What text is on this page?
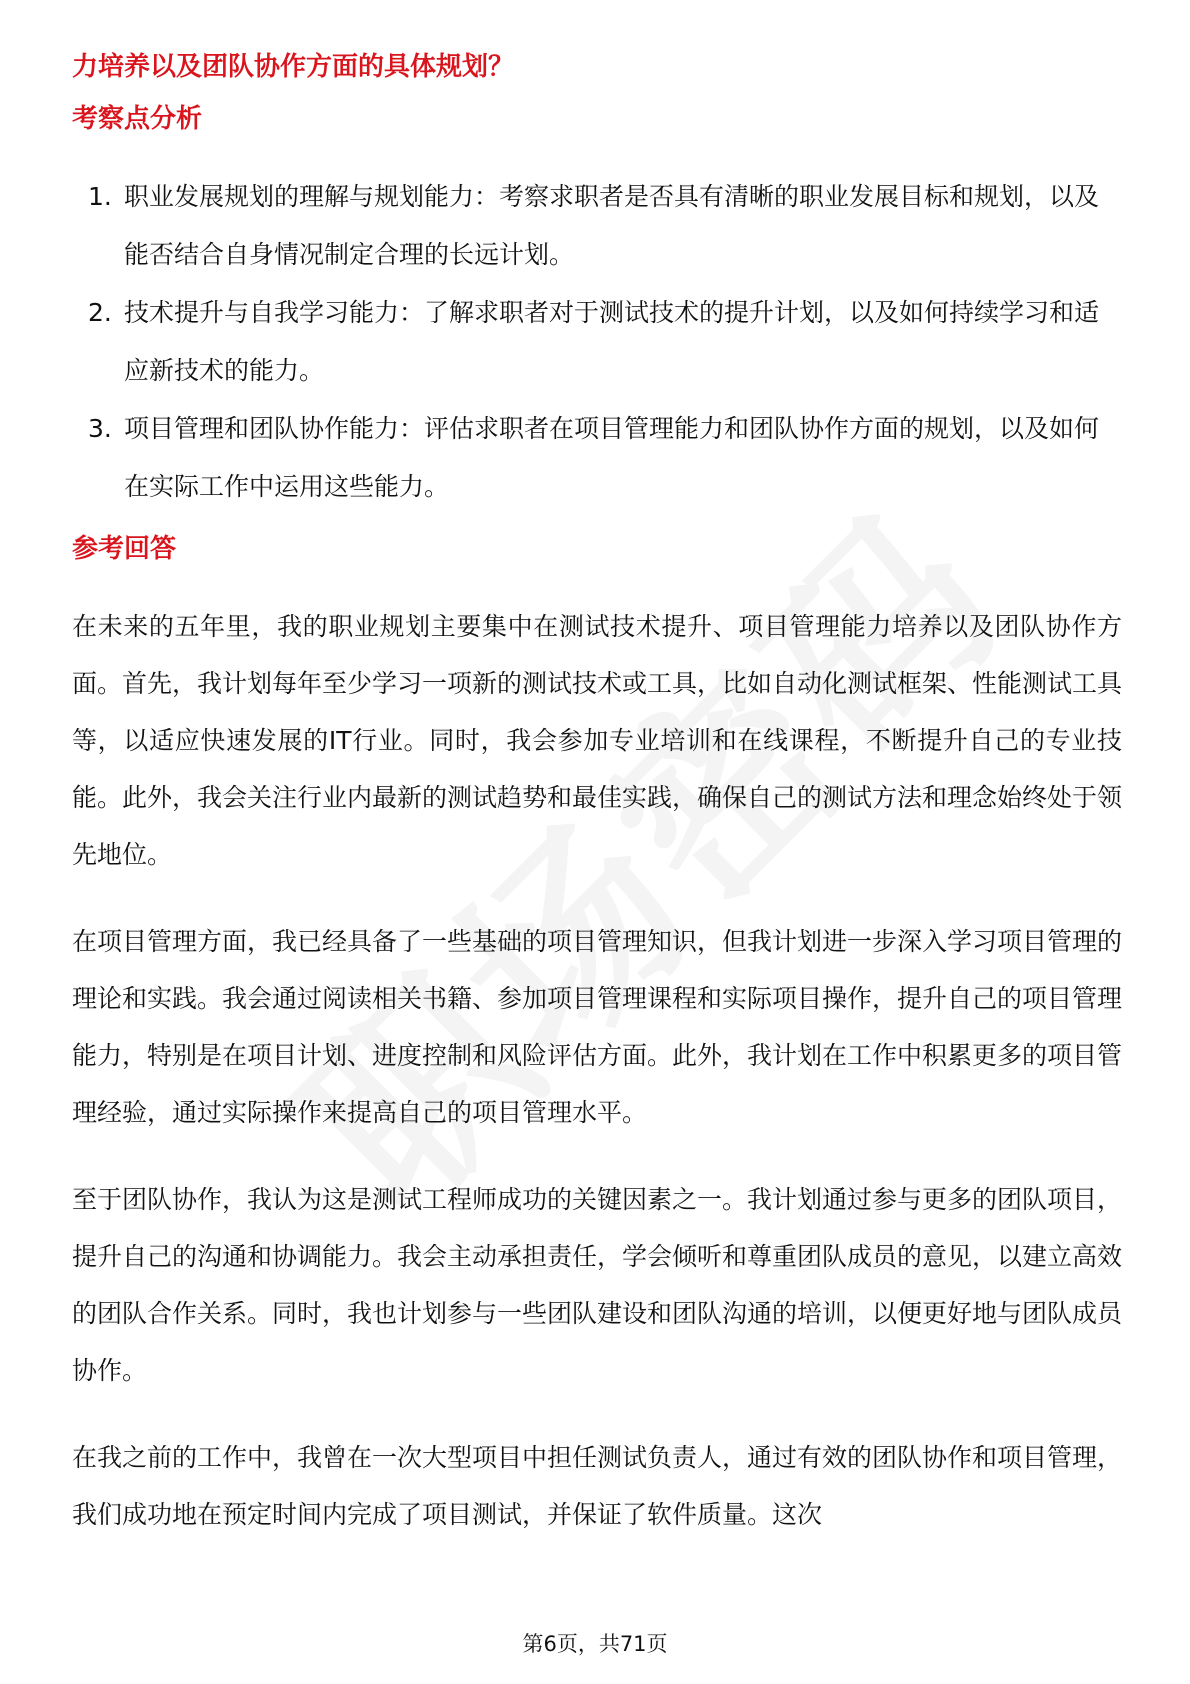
力培养以及团队协作方面的具体规划？

考察点分析

1. 职业发展规划的理解与规划能力：考察求职者是否具有清晰的职业发展目标和规划，以及能否结合自身情况制定合理的长远计划。
2. 技术提升与自我学习能力：了解求职者对于测试技术的提升计划，以及如何持续学习和适应新技术的能力。
3. 项目管理和团队协作能力：评估求职者在项目管理能力和团队协作方面的规划，以及如何在实际工作中运用这些能力。

参考回答

在未来的五年里，我的职业规划主要集中在测试技术提升、项目管理能力培养以及团队协作方面。首先，我计划每年至少学习一项新的测试技术或工具，比如自动化测试框架、性能测试工具等，以适应快速发展的IT行业。同时，我会参加专业培训和在线课程，不断提升自己的专业技能。此外，我会关注行业内最新的测试趋势和最佳实践，确保自己的测试方法和理念始终处于领先地位。

在项目管理方面，我已经具备了一些基础的项目管理知识，但我计划进一步深入学习项目管理的理论和实践。我会通过阅读相关书籍、参加项目管理课程和实际项目操作，提升自己的项目管理能力，特别是在项目计划、进度控制和风险评估方面。此外，我计划在工作中积累更多的项目管理经验，通过实际操作来提高自己的项目管理水平。

至于团队协作，我认为这是测试工程师成功的关键因素之一。我计划通过参与更多的团队项目，提升自己的沟通和协调能力。我会主动承担责任，学会倾听和尊重团队成员的意见，以建立高效的团队合作关系。同时，我也计划参与一些团队建设和团队沟通的培训，以便更好地与团队成员协作。

在我之前的工作中，我曾在一次大型项目中担任测试负责人，通过有效的团队协作和项目管理，我们成功地在预定时间内完成了项目测试，并保证了软件质量。这次

第6页，共71页
